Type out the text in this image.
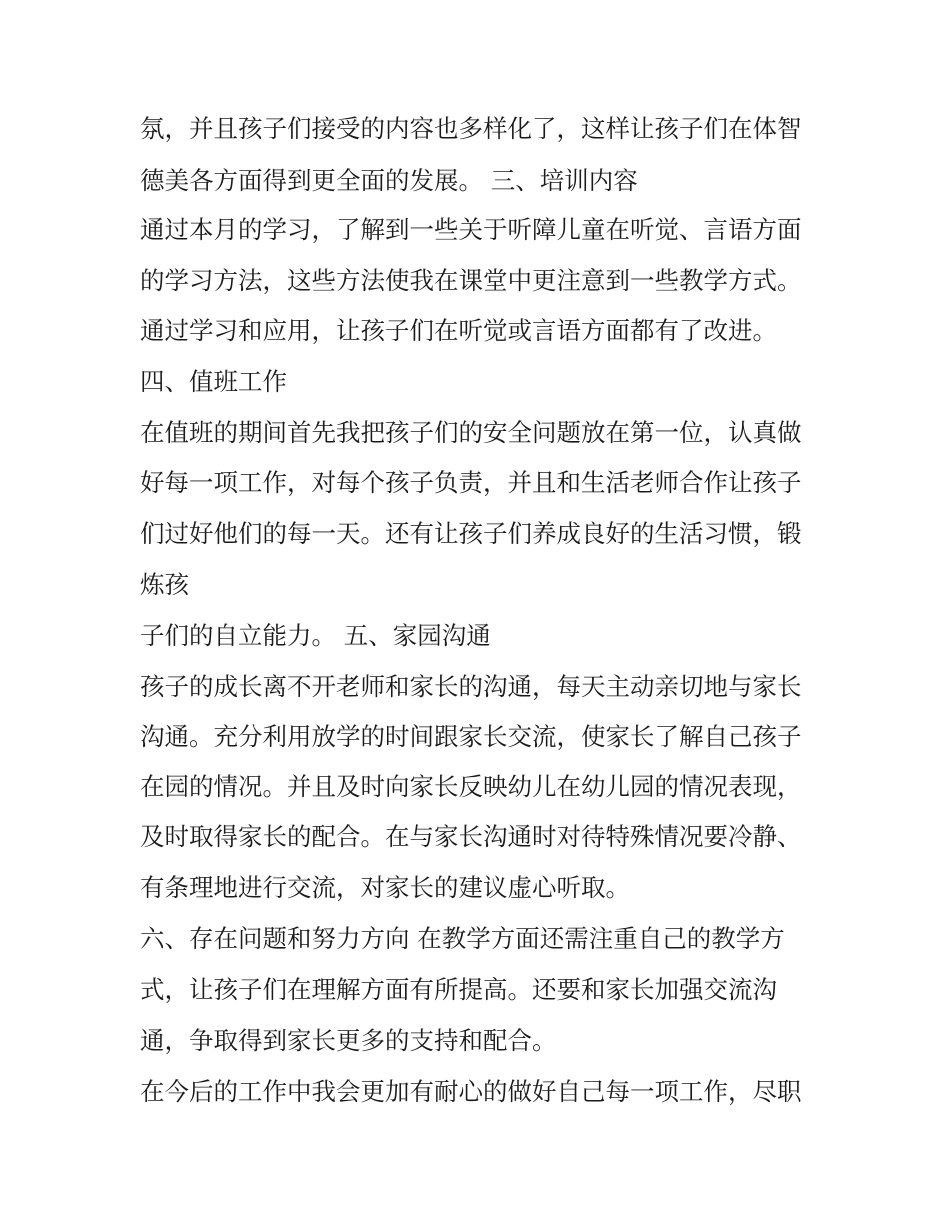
氛，并且孩子们接受的内容也多样化了，这样让孩子们在体智
德美各方面得到更全面的发展。 三、培训内容
通过本月的学习，了解到一些关于听障儿童在听觉、言语方面
的学习方法，这些方法使我在课堂中更注意到一些教学方式。
通过学习和应用，让孩子们在听觉或言语方面都有了改进。
四、值班工作
在值班的期间首先我把孩子们的安全问题放在第一位，认真做
好每一项工作，对每个孩子负责，并且和生活老师合作让孩子
们过好他们的每一天。还有让孩子们养成良好的生活习惯，锻
炼孩
子们的自立能力。 五、家园沟通
孩子的成长离不开老师和家长的沟通，每天主动亲切地与家长
沟通。充分利用放学的时间跟家长交流，使家长了解自己孩子
在园的情况。并且及时向家长反映幼儿在幼儿园的情况表现，
及时取得家长的配合。在与家长沟通时对待特殊情况要冷静、
有条理地进行交流，对家长的建议虚心听取。
六、存在问题和努力方向 在教学方面还需注重自己的教学方
式，让孩子们在理解方面有所提高。还要和家长加强交流沟
通，争取得到家长更多的支持和配合。
在今后的工作中我会更加有耐心的做好自己每一项工作，尽职
